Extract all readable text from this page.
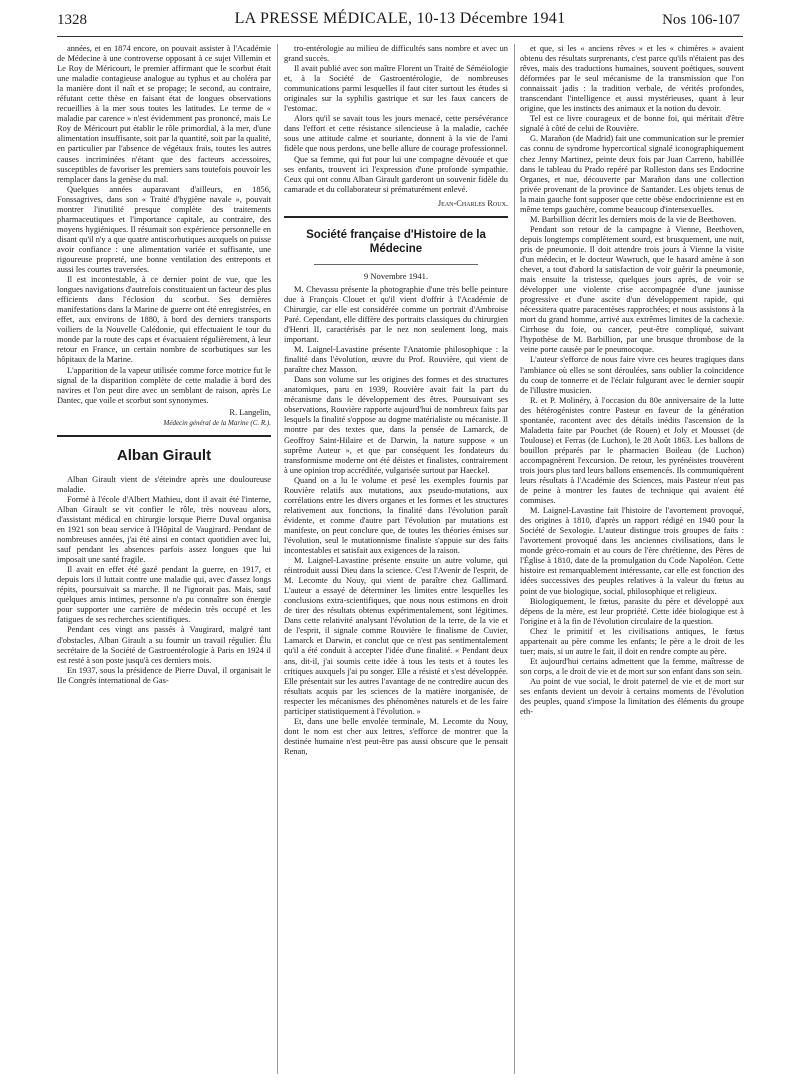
1328	LA PRESSE MÉDICALE, 10-13 Décembre 1941	Nos 106-107

années, et en 1874 encore, on pouvait assister à l'Académie de Médecine à une controverse opposant à ce sujet Villemin et Le Roy de Méricourt, le premier affirmant que le scorbut était une maladie contagieuse analogue au typhus et au choléra par la manière dont il naît et se propage; le second, au contraire, réfutant cette thèse en faisant état de longues observations recueillies à la mer sous toutes les latitudes. Le terme de « maladie par carence » n'est évidemment pas prononcé, mais Le Roy de Méricourt put établir le rôle primordial, à la mer, d'une alimentation insuffisante, soit par la quantité, soit par la qualité, en particulier par l'absence de végétaux frais, toutes les autres causes incriminées n'étant que des facteurs accessoires, susceptibles de favoriser les premiers sans toutefois pouvoir les remplacer dans la genèse du mal.

Quelques années auparavant d'ailleurs, en 1856, Fonssagrives, dans son « Traité d'hygiène navale », pouvait montrer l'inutilité presque complète des traitements pharmaceutiques et l'importance capitale, au contraire, des moyens hygiéniques. Il résumait son expérience personnelle en disant qu'il n'y a que quatre antiscorbutiques auxquels on puisse avoir confiance : une alimentation variée et suffisante, une rigoureuse propreté, une bonne ventilation des entreponts et aussi les courtes traversées.

Il est incontestable, à ce dernier point de vue, que les longues navigations d'autrefois constituaient un facteur des plus efficients dans l'éclosion du scorbut. Ses dernières manifestations dans la Marine de guerre ont été enregistrées, en effet, aux environs de 1880, à bord des derniers transports voiliers de la Nouvelle Calédonie, qui effectuaient le tour du monde par la route des caps et évacuaient régulièrement, à leur retour en France, un certain nombre de scorbutiques sur les hôpitaux de la Marine.

L'apparition de la vapeur utilisée comme force motrice fut le signal de la disparition complète de cette maladie à bord des navires et l'on peut dire avec un semblant de raison, après Le Dantec, que voile et scorbut sont synonymes.

R. Langelin,
Médecin général de la Marine (C. R.).
Alban Girault

Alban Girault vient de s'éteindre après une douloureuse maladie.

Formé à l'école d'Albert Mathieu, dont il avait été l'interne, Alban Girault se vit confier le rôle, très nouveau alors, d'assistant médical en chirurgie lorsque Pierre Duval organisa en 1921 son beau service à l'Hôpital de Vaugirard. Pendant de nombreuses années, j'ai été ainsi en contact quotidien avec lui, sauf pendant les absences parfois assez longues que lui imposait une santé fragile.

Il avait en effet été gazé pendant la guerre, en 1917, et depuis lors il luttait contre une maladie qui, avec d'assez longs répits, poursuivait sa marche. Il ne l'ignorait pas. Mais, sauf quelques amis intimes, personne n'a pu connaître son énergie pour supporter une carrière de médecin très occupé et les fatigues de ses recherches scientifiques.

Pendant ces vingt ans passés à Vaugirard, malgré tant d'obstacles, Alban Girault a su fournir un travail régulier. Élu secrétaire de la Société de Gastroentérologie à Paris en 1924 il est resté à son poste jusqu'à ces derniers mois.

En 1937, sous la présidence de Pierre Duval, il organisait le IIe Congrès international de Gas-

tro-entérologie au milieu de difficultés sans nombre et avec un grand succès.

Il avait publié avec son maître Florent un Traité de Séméiologie et, à la Société de Gastroentérologie, de nombreuses communications parmi lesquelles il faut citer surtout les études si originales sur la syphilis gastrique et sur les faux cancers de l'estomac.

Alors qu'il se savait tous les jours menacé, cette persévérance dans l'effort et cette résistance silencieuse à la maladie, cachée sous une attitude calme et souriante, donnent à la vie de l'ami fidèle que nous perdons, une belle allure de courage professionnel.

Que sa femme, qui fut pour lui une compagne dévouée et que ses enfants, trouvent ici l'expression d'une profonde sympathie. Ceux qui ont connu Alban Girault garderont un souvenir fidèle du camarade et du collaborateur si prématurément enlevé.

Jean-Charles Roux.
Société française d'Histoire de la Médecine
9 Novembre 1941.

M. Chevassu présente la photographie d'une très belle peinture due à François Clouet et qu'il vient d'offrir à l'Académie de Chirurgie, car elle est considérée comme un portrait d'Ambroise Paré. Cependant, elle diffère des portraits classiques du chirurgien d'Henri II, caractérisés par le nez non seulement long, mais important.

M. Laignel-Lavastine présente l'Anatomie philosophique : la finalité dans l'évolution, œuvre du Prof. Rouvière, qui vient de paraître chez Masson.

Dans son volume sur les origines des formes et des structures anatomiques, paru en 1939, Rouvière avait fait la part du mécanisme dans le développement des êtres. Poursuivant ses observations, Rouvière rapporte aujourd'hui de nombreux faits par lesquels la finalité s'oppose au dogme matérialiste ou mécaniste. Il montre par des textes que, dans la pensée de Lamarck, de Geoffroy Saint-Hilaire et de Darwin, la nature suppose « un suprême Auteur », et que par conséquent les fondateurs du transformisme moderne ont été déistes et finalistes, contrairement à une opinion trop accréditée, vulgarisée surtout par Haeckel.

Quand on a lu le volume et pesé les exemples fournis par Rouvière relatifs aux mutations, aux pseudo-mutations, aux corrélations entre les divers organes et les formes et les structures relativement aux fonctions, la finalité dans l'évolution paraît évidente, et comme d'autre part l'évolution par mutations est manifeste, on peut conclure que, de toutes les théories émises sur l'évolution, seul le mutationnisme finaliste s'appuie sur des faits incontestables et satisfait aux exigences de la raison.

M. Laignel-Lavastine présente ensuite un autre volume, qui réintroduit aussi Dieu dans la science. C'est l'Avenir de l'esprit, de M. Lecomte du Nouy, qui vient de paraître chez Gallimard. L'auteur a essayé de déterminer les limites entre lesquelles les conclusions extra-scientifiques, que nous nous estimons en droit de tirer des résultats obtenus expérimentalement, sont légitimes. Dans cette relativité analysant l'évolution de la terre, de la vie et de l'esprit, il signale comme Rouvière le finalisme de Cuvier, Lamarck et Darwin, et conclut que ce n'est pas sentimentalement qu'il a été conduit à accepter l'idée d'une finalité. « Pendant deux ans, dit-il, j'ai soumis cette idée à tous les tests et à toutes les critiques auxquels j'ai pu songer. Elle a résisté et s'est développée. Elle présentait sur les autres l'avantage de ne contredire aucun des résultats acquis par les sciences de la matière inorganisée, de respecter les mécanismes des phénomènes naturels et de les faire participer statistiquement à l'évolution. »

Et, dans une belle envolée terminale, M. Lecomte du Nouy, dont le nom est cher aux lettres, s'efforce de montrer que la destinée humaine n'est peut-être pas aussi obscure que le pensait Renan,

et que, si les « anciens rêves » et les « chimères » avaient obtenu des résultats surprenants, c'est parce qu'ils n'étaient pas des rêves, mais des traductions humaines, souvent poétiques, souvent déformées par le seul mécanisme de la transmission que l'on connaissait jadis : la tradition verbale, de vérités profondes, transcendant l'intelligence et aussi mystérieuses, quant à leur origine, que les instincts des animaux et la notion du devoir.

Tel est ce livre courageux et de bonne foi, qui méritait d'être signalé à côté de celui de Rouvière.

G. Marañon (de Madrid) fait une communication sur le premier cas connu de syndrome hypercortical signalé iconographiquement chez Jenny Martinez, peinte deux fois par Juan Carreno, habillée dans le tableau du Prado repéré par Rolleston dans ses Endocrine Organes, et nue, découverte par Marañon dans une collection privée provenant de la province de Santander. Les objets tenus de la main gauche font supposer que cette obèse endocrinienne est en même temps gauchère, comme beaucoup d'intersexuelles.

M. Barbillion décrit les derniers mois de la vie de Beethoven.

Pendant son retour de la campagne à Vienne, Beethoven, depuis longtemps complètement sourd, est brusquement, une nuit, pris de pneumonie. Il doit attendre trois jours à Vienne la visite d'un médecin, et le docteur Wawruch, que le hasard amène à son chevet, a tout d'abord la satisfaction de voir guérir la pneumonie, mais ensuite la tristesse, quelques jours après, de voir se développer une violente crise accompagnée d'une jaunisse progressive et d'une ascite d'un développement rapide, qui nécessitera quatre paracentèses rapprochées; et nous assistons à la mort du grand homme, arrivé aux extrêmes limites de la cachexie. Cirrhose du foie, ou cancer, peut-être compliqué, suivant l'hypothèse de M. Barbillion, par une brusque thrombose de la veine porte causée par le pneumocoque.

L'auteur s'efforce de nous faire vivre ces heures tragiques dans l'ambiance où elles se sont déroulées, sans oublier la coïncidence du coup de tonnerre et de l'éclair fulgurant avec le dernier soupir de l'illustre musicien.

R. et P. Molinéry, à l'occasion du 80e anniversaire de la lutte des hétérogénistes contre Pasteur en faveur de la génération spontanée, racontent avec des détails inédits l'ascension de la Maladetta faite par Pouchet (de Rouen) et Joly et Mousset (de Toulouse) et Ferras (de Luchon), le 28 Août 1863. Les ballons de bouillon préparés par le pharmacien Boileau (de Luchon) accompagnèrent l'excursion. De retour, les pyrénéistes trouvèrent trois jours plus tard leurs ballons ensemencés. Ils communiquèrent leurs résultats à l'Académie des Sciences, mais Pasteur n'eut pas de peine à montrer les fautes de technique qui avaient été commises.

M. Laignel-Lavastine fait l'histoire de l'avortement provoqué, des origines à 1810, d'après un rapport rédigé en 1940 pour la Société de Sexologie. L'auteur distingue trois groupes de faits : l'avortement provoqué dans les anciennes civilisations, dans le monde gréco-romain et au cours de l'ère chrétienne, des Pères de l'Église à 1810, date de la promulgation du Code Napoléon. Cette histoire est remarquablement intéressante, car elle est fonction des idées successives des peuples relatives à la valeur du fœtus au point de vue biologique, social, philosophique et religieux.

Biologiquement, le fœtus, parasite du père et développé aux dépens de la mère, est leur propriété. Cette idée biologique est à l'origine et à la fin de l'évolution circulaire de la question.

Chez le primitif et les civilisations antiques, le fœtus appartenait au père comme les enfants; le père a le droit de les tuer; mais, si un autre le fait, il doit en rendre compte au père.

Et aujourd'hui certains admettent que la femme, maîtresse de son corps, a le droit de vie et de mort sur son enfant dans son sein.

Au point de vue social, le droit paternel de vie et de mort sur ses enfants devient un devoir à certains moments de l'évolution des peuples, quand s'impose la limitation des éléments du groupe eth-
